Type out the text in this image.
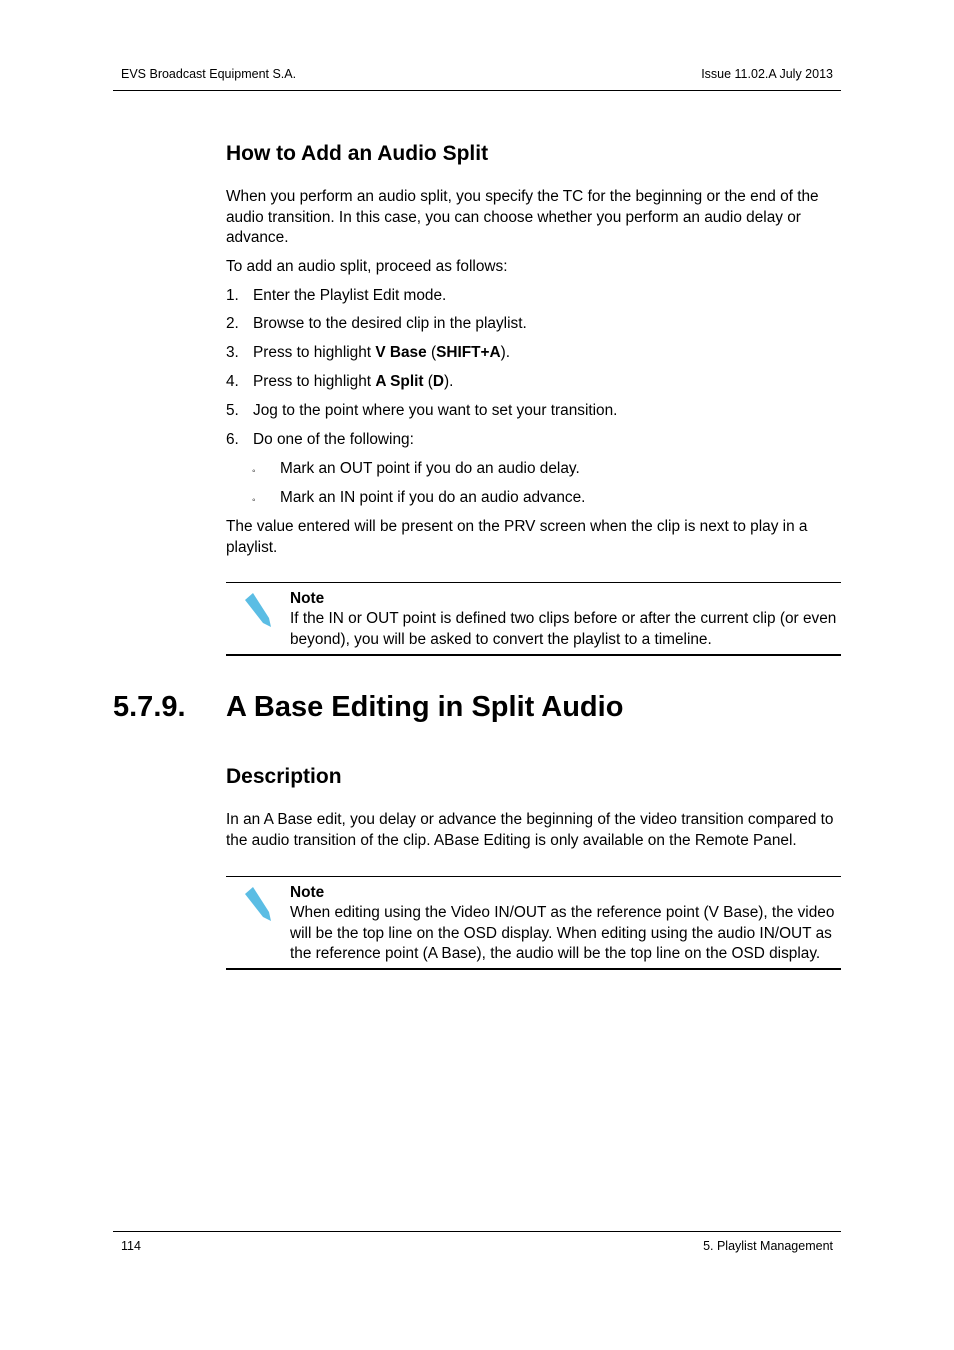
EVS Broadcast Equipment S.A.	Issue 11.02.A July 2013
How to Add an Audio Split
When you perform an audio split, you specify the TC for the beginning or the end of the audio transition. In this case, you can choose whether you perform an audio delay or advance.
To add an audio split, proceed as follows:
1. Enter the Playlist Edit mode.
2. Browse to the desired clip in the playlist.
3. Press to highlight V Base (SHIFT+A).
4. Press to highlight A Split (D).
5. Jog to the point where you want to set your transition.
6. Do one of the following:
◦ Mark an OUT point if you do an audio delay.
◦ Mark an IN point if you do an audio advance.
The value entered will be present on the PRV screen when the clip is next to play in a playlist.
Note
If the IN or OUT point is defined two clips before or after the current clip (or even beyond), you will be asked to convert the playlist to a timeline.
5.7.9. A Base Editing in Split Audio
Description
In an A Base edit, you delay or advance the beginning of the video transition compared to the audio transition of the clip. ABase Editing is only available on the Remote Panel.
Note
When editing using the Video IN/OUT as the reference point (V Base), the video will be the top line on the OSD display. When editing using the audio IN/OUT as the reference point (A Base), the audio will be the top line on the OSD display.
114	5. Playlist Management
